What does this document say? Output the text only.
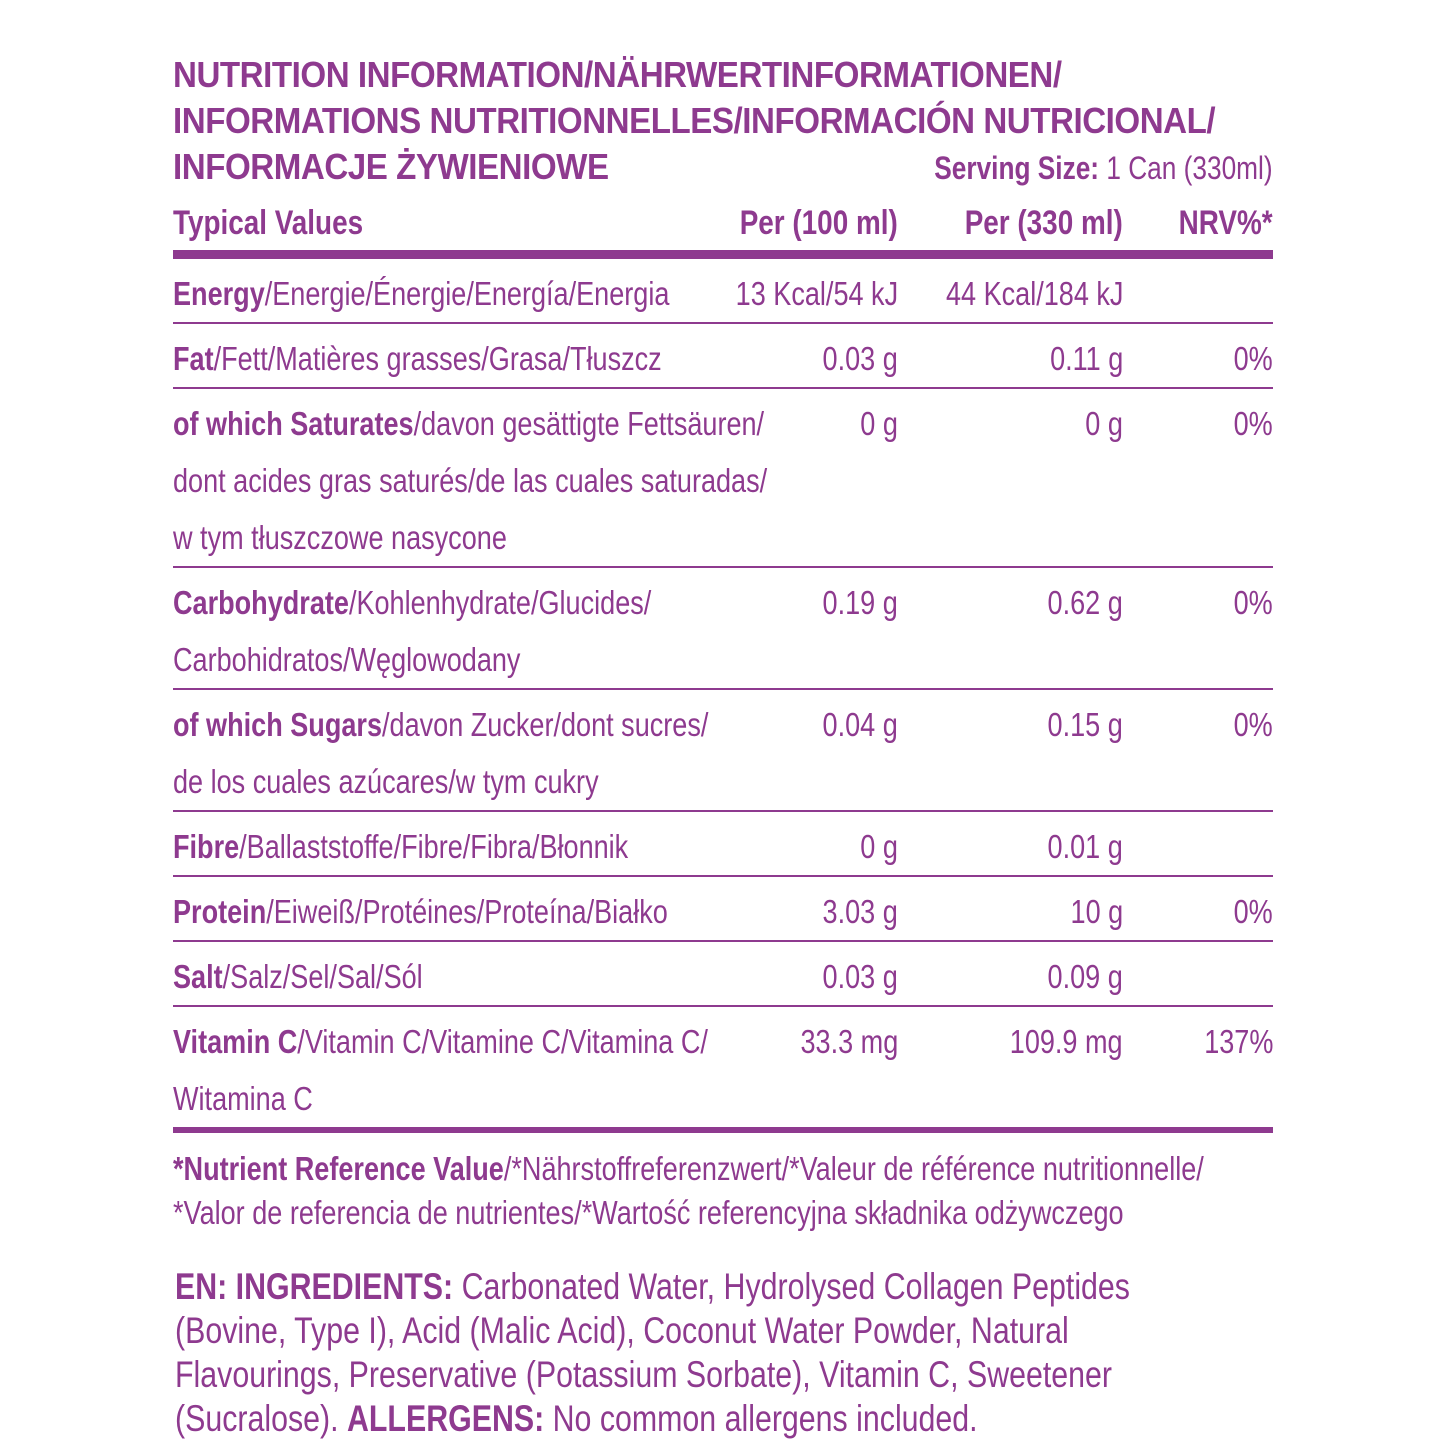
NUTRITION INFORMATION/NÄHRWERTINFORMATIONEN/
INFORMATIONS NUTRITIONNELLES/INFORMACIÓN NUTRICIONAL/
INFORMACJE ŻYWIENIOWE	Serving Size: 1 Can (330ml)
Typical Values	Per (100 ml) Per (330 ml) NRV%*
Energy/Energie/Énergie/Energía/Energia	13 Kcal/54 kJ 44 Kcal/184 kJ
Fat/Fett/Matières grasses/Grasa/Tłuszcz	0.03 g	0.11 g	0%
of which Saturates/davon gesättigte Fettsäuren/
dont acides gras saturés/de las cuales saturadas/
w tym tłuszczowe nasycone
0 g	0 g	0%
Carbohydrate/Kohlenhydrate/Glucides/
Carbohidratos/Węglowodany
0.19 g	0.62 g	0%
of which Sugars/davon Zucker/dont sucres/
de los cuales azúcares/w tym cukry
0.04 g	0.15 g	0%
Fibre/Ballaststoffe/Fibre/Fibra/Błonnik	0 g	0.01 g
Protein/Eiweiß/Protéines/Proteína/Białko	3.03 g	10 g	0%
Salt/Salz/Sel/Sal/Sól	0.03 g	0.09 g
Vitamin C/Vitamin C/Vitamine C/Vitamina C/
Witamina C
33.3 mg	109.9 mg 137%
*Nutrient Reference Value/*Nährstoffreferenzwert/*Valeur de référence nutritionnelle/
*Valor de referencia de nutrientes/*Wartość referencyjna składnika odżywczego
EN: INGREDIENTS: Carbonated Water, Hydrolysed Collagen Peptides (Bovine, Type I), Acid (Malic Acid), Coconut Water Powder, Natural Flavourings, Preservative (Potassium Sorbate), Vitamin C, Sweetener (Sucralose). ALLERGENS: No common allergens included.
